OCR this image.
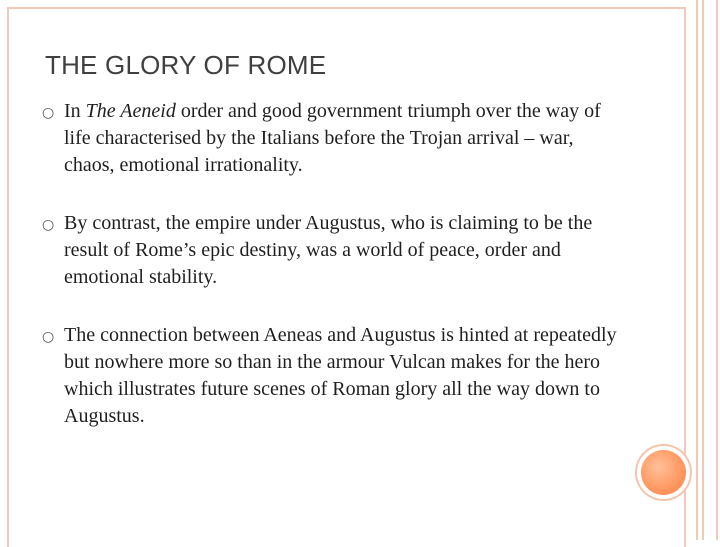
THE GLORY OF ROME
○ In The Aeneid order and good government triumph over the way of life characterised by the Italians before the Trojan arrival – war, chaos, emotional irrationality.
○ By contrast, the empire under Augustus, who is claiming to be the result of Rome’s epic destiny, was a world of peace, order and emotional stability.
○ The connection between Aeneas and Augustus is hinted at repeatedly but nowhere more so than in the armour Vulcan makes for the hero which illustrates future scenes of Roman glory all the way down to Augustus.
